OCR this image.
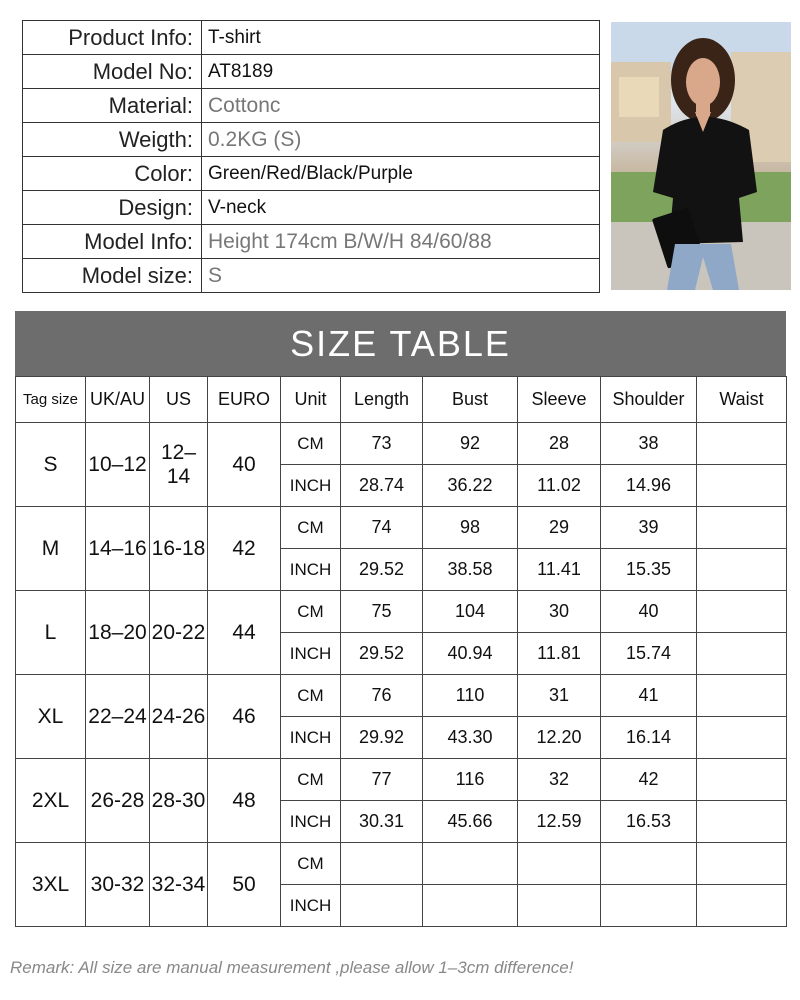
Product Info:	T-shirt
Model No:	AT8189
Material:	Cottonc
Weigth:	0.2KG (S)
Color:	Green/Red/Black/Purple
Design:	V-neck
Model Info:	Height 174cm B/W/H 84/60/88
Model size:	S
SIZE TABLE
Tag size	UK/AU	US	EURO	Unit	Length	Bust	Sleeve	Shoulder	Waist
S	10–12	12–14	40	CM	73	92	28	38	
				INCH	28.74	36.22	11.02	14.96	
M	14–16	16-18	42	CM	74	98	29	39	
				INCH	29.52	38.58	11.41	15.35	
L	18–20	20-22	44	CM	75	104	30	40	
				INCH	29.52	40.94	11.81	15.74	
XL	22–24	24-26	46	CM	76	110	31	41	
				INCH	29.92	43.30	12.20	16.14	
2XL	26-28	28-30	48	CM	77	116	32	42	
				INCH	30.31	45.66	12.59	16.53	
3XL	30-32	32-34	50	CM					
				INCH					
Remark: All size are manual measurement ,please allow 1–3cm difference!
